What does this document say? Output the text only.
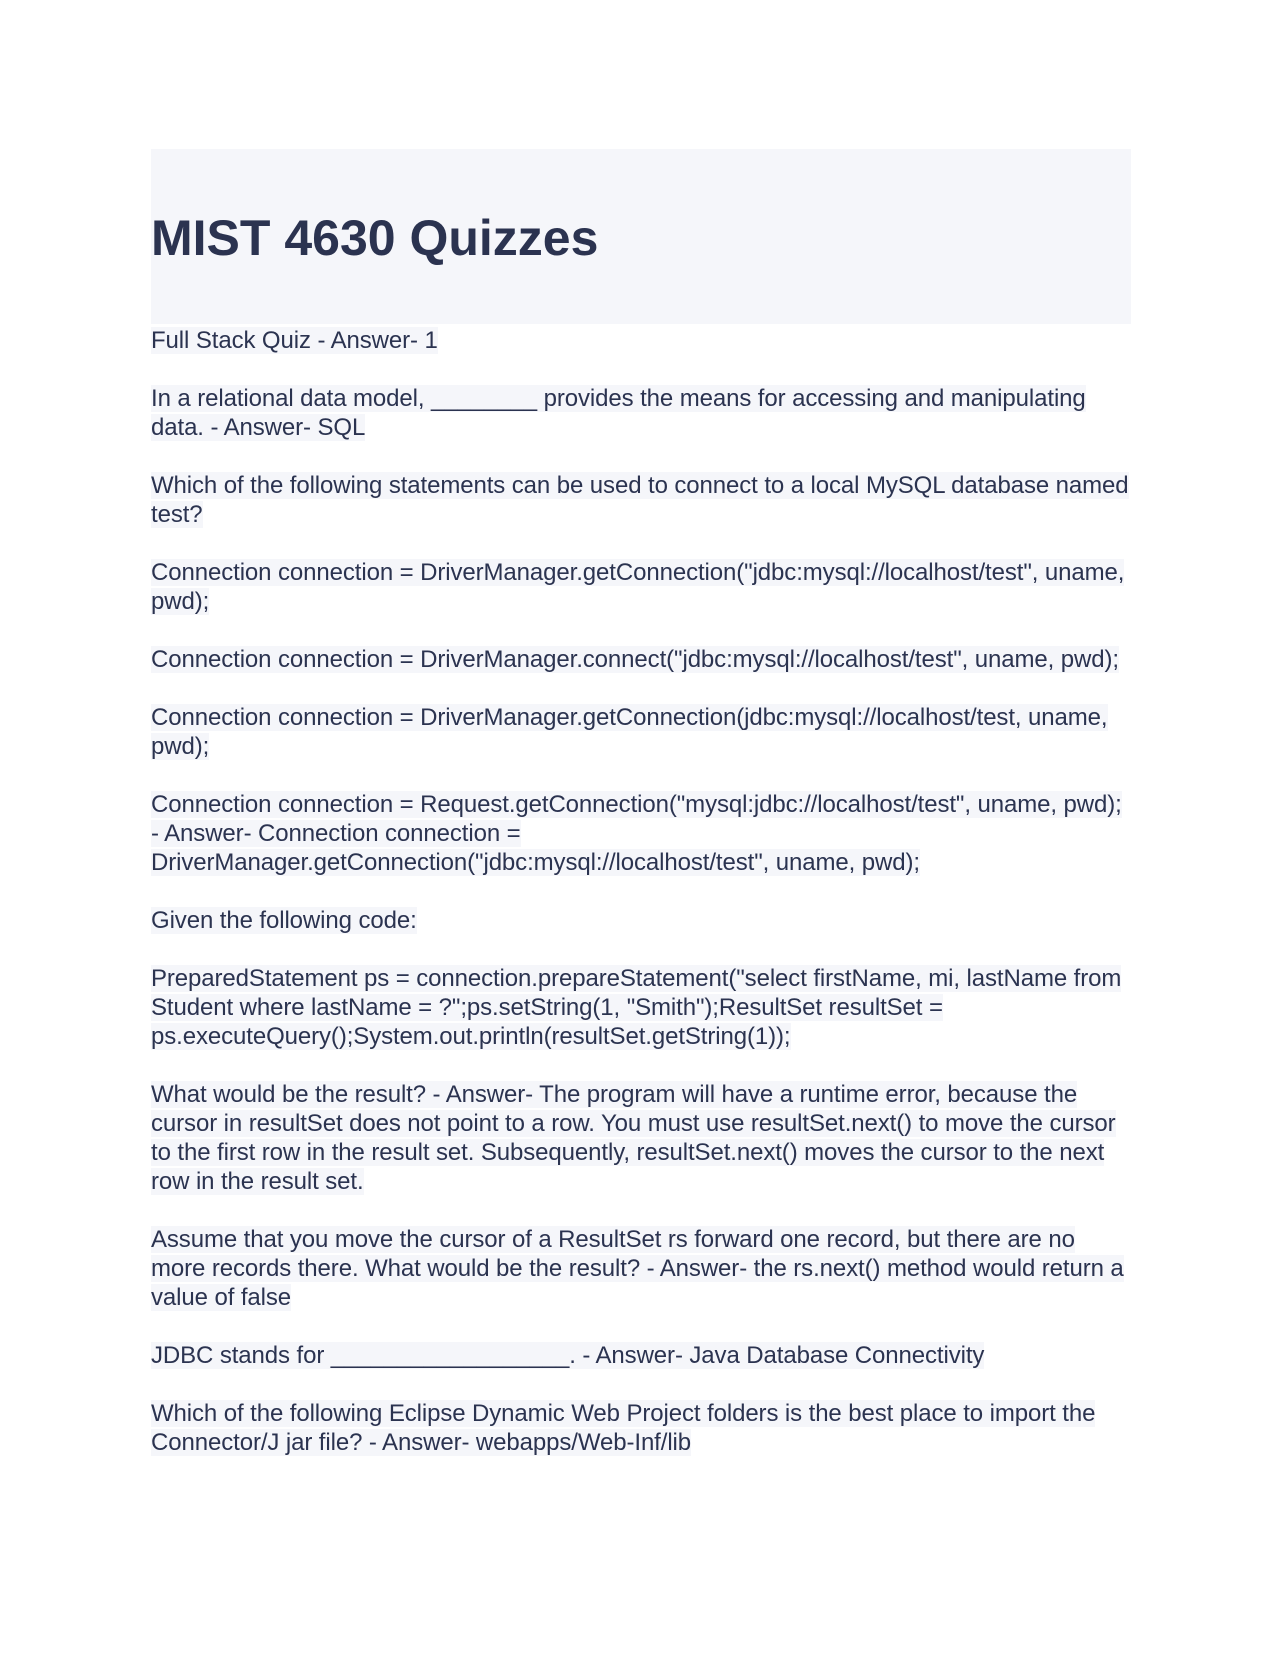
MIST 4630 Quizzes

Full Stack Quiz - Answer- 1

In a relational data model, ________ provides the means for accessing and manipulating data. - Answer- SQL

Which of the following statements can be used to connect to a local MySQL database named test?

Connection connection = DriverManager.getConnection("jdbc:mysql://localhost/test", uname, pwd);

Connection connection = DriverManager.connect("jdbc:mysql://localhost/test", uname, pwd);

Connection connection = DriverManager.getConnection(jdbc:mysql://localhost/test, uname, pwd);

Connection connection = Request.getConnection("mysql:jdbc://localhost/test", uname, pwd); - Answer- Connection connection = DriverManager.getConnection("jdbc:mysql://localhost/test", uname, pwd);

Given the following code:

PreparedStatement ps = connection.prepareStatement("select firstName, mi, lastName from Student where lastName = ?";ps.setString(1, "Smith");ResultSet resultSet = ps.executeQuery();System.out.println(resultSet.getString(1));

What would be the result? - Answer- The program will have a runtime error, because the cursor in resultSet does not point to a row. You must use resultSet.next() to move the cursor to the first row in the result set. Subsequently, resultSet.next() moves the cursor to the next row in the result set.

Assume that you move the cursor of a ResultSet rs forward one record, but there are no more records there. What would be the result? - Answer- the rs.next() method would return a value of false

JDBC stands for __________________. - Answer- Java Database Connectivity

Which of the following Eclipse Dynamic Web Project folders is the best place to import the Connector/J jar file? - Answer- webapps/Web-Inf/lib
